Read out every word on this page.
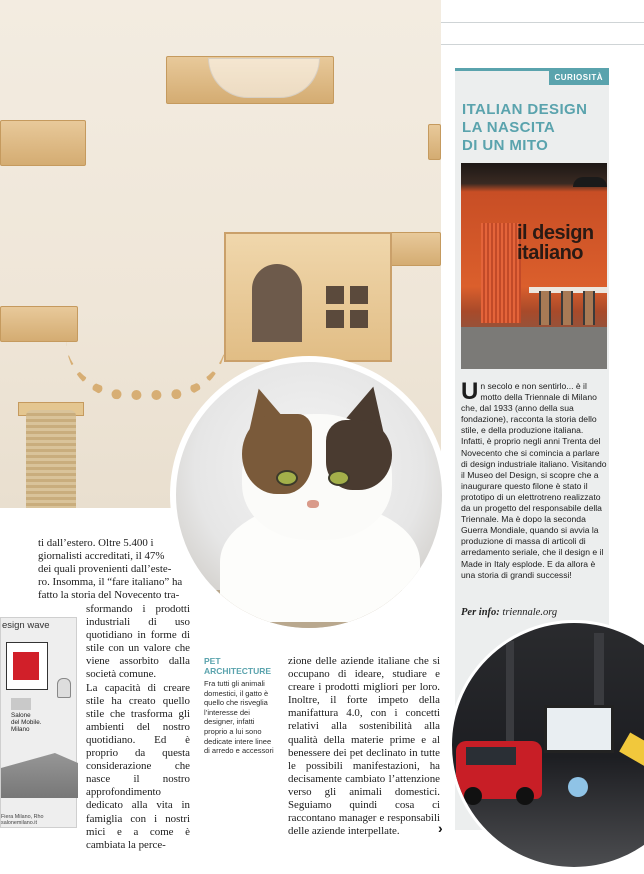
CURIOSITÀ
ITALIAN DESIGN
LA NASCITA
DI UN MITO
il design
italiano
Un secolo e non sentirlo... è il motto della Triennale di Milano che, dal 1933 (anno della sua fondazione), racconta la storia dello stile, e della produzione italiana. Infatti, è proprio negli anni Trenta del Novecento che si comincia a parlare di design industriale italiano. Visitando il Museo del Design, si scopre che a inaugurare questo filone è stato il prototipo di un elettrotreno realizzato da un progetto del responsabile della Triennale. Ma è dopo la seconda Guerra Mondiale, quando si avvia la produzione di massa di articoli di arredamento seriale, che il design e il Made in Italy esplode. E da allora è una storia di grandi successi!
Per info: triennale.org
esign wave
Salone
del Mobile.
Milano
Fiera Milano, Rho salonemilano.it
ti dall’estero. Oltre 5.400 i
giornalisti accreditati, il 47%
dei quali provenienti dall’este-
ro. Insomma, il “fare italiano” ha
fatto la storia del Novecento tra-

sformando i prodotti industriali di uso quotidiano in forme di stile con un valore che viene assorbito dalla società comune.

La capacità di creare stile ha creato quello stile che trasforma gli ambienti del nostro quotidiano. Ed è proprio da questa considerazione che nasce il nostro approfondimento dedicato alla vita in famiglia con i nostri mici e a come è cambiata la perce-

PET
ARCHITECTURE
Fra tutti gli animali domestici, il gatto è quello che risveglia l’interesse dei designer, infatti proprio a lui sono dedicate intere linee di arredo e accessori

zione delle aziende italiane che si occupano di ideare, studiare e creare i prodotti migliori per loro. Inoltre, il forte impeto della manifattura 4.0, con i concetti relativi alla sostenibilità alla qualità della materie prime e al benessere dei pet declinato in tutte le possibili manifestazioni, ha decisamente cambiato l’attenzione verso gli animali domestici. Seguiamo quindi cosa ci raccontano manager e responsabili delle aziende interpellate.	›
